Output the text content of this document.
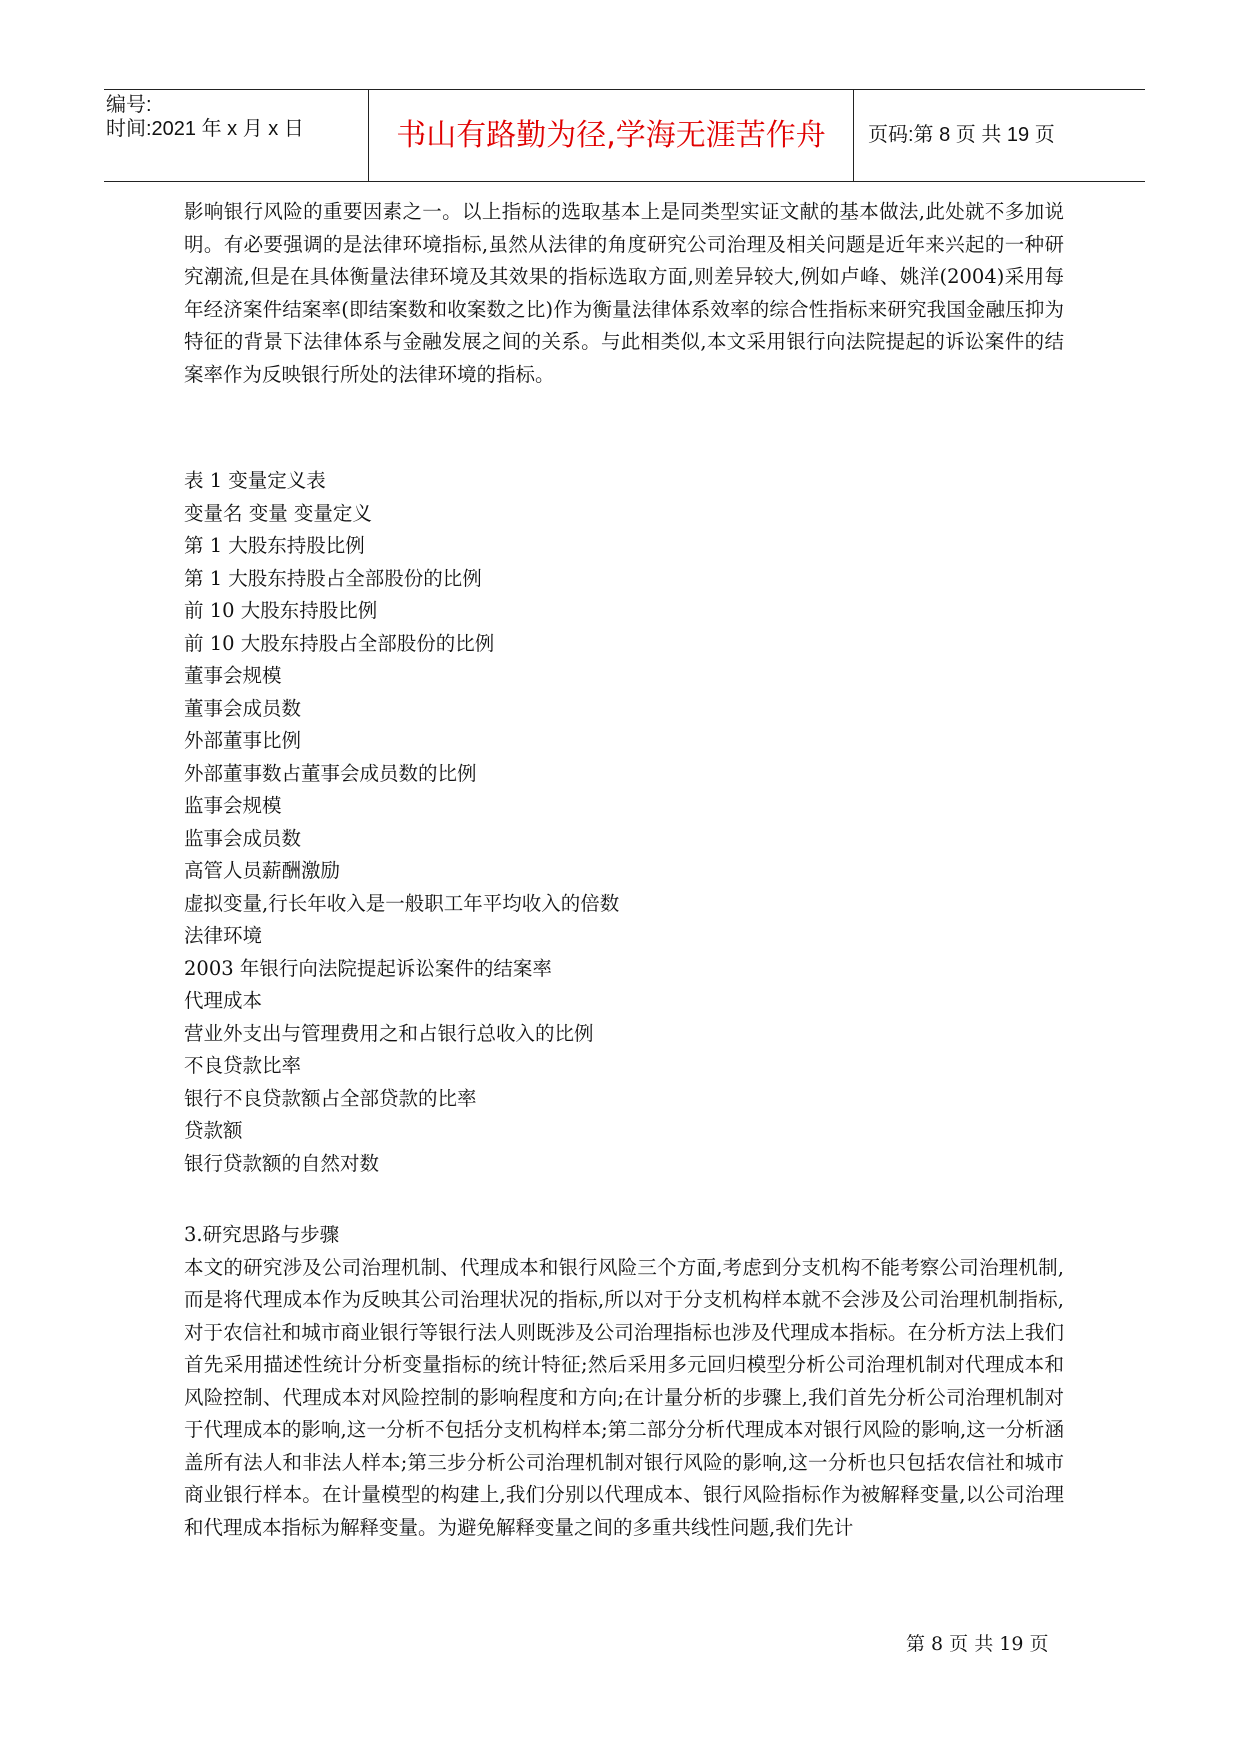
编号:
时间:2021 年 x 月 x 日	书山有路勤为径,学海无涯苦作舟	页码:第 8 页 共 19 页

影响银行风险的重要因素之一。以上指标的选取基本上是同类型实证文献的基本做法,此处就不多加说明。有必要强调的是法律环境指标,虽然从法律的角度研究公司治理及相关问题是近年来兴起的一种研究潮流,但是在具体衡量法律环境及其效果的指标选取方面,则差异较大,例如卢峰、姚洋(2004)采用每年经济案件结案率(即结案数和收案数之比)作为衡量法律体系效率的综合性指标来研究我国金融压抑为特征的背景下法律体系与金融发展之间的关系。与此相类似,本文采用银行向法院提起的诉讼案件的结案率作为反映银行所处的法律环境的指标。

表 1 变量定义表

变量名 变量 变量定义

第 1 大股东持股比例

第 1 大股东持股占全部股份的比例

前 10 大股东持股比例

前 10 大股东持股占全部股份的比例

董事会规模

董事会成员数

外部董事比例

外部董事数占董事会成员数的比例

监事会规模

监事会成员数

高管人员薪酬激励

虚拟变量,行长年收入是一般职工年平均收入的倍数

法律环境

2003 年银行向法院提起诉讼案件的结案率

代理成本

营业外支出与管理费用之和占银行总收入的比例

不良贷款比率

银行不良贷款额占全部贷款的比率

贷款额

银行贷款额的自然对数

3.研究思路与步骤

本文的研究涉及公司治理机制、代理成本和银行风险三个方面,考虑到分支机构不能考察公司治理机制,而是将代理成本作为反映其公司治理状况的指标,所以对于分支机构样本就不会涉及公司治理机制指标,对于农信社和城市商业银行等银行法人则既涉及公司治理指标也涉及代理成本指标。在分析方法上我们首先采用描述性统计分析变量指标的统计特征;然后采用多元回归模型分析公司治理机制对代理成本和风险控制、代理成本对风险控制的影响程度和方向;在计量分析的步骤上,我们首先分析公司治理机制对于代理成本的影响,这一分析不包括分支机构样本;第二部分分析代理成本对银行风险的影响,这一分析涵盖所有法人和非法人样本;第三步分析公司治理机制对银行风险的影响,这一分析也只包括农信社和城市商业银行样本。在计量模型的构建上,我们分别以代理成本、银行风险指标作为被解释变量,以公司治理和代理成本指标为解释变量。为避免解释变量之间的多重共线性问题,我们先计

第 8 页 共 19 页
